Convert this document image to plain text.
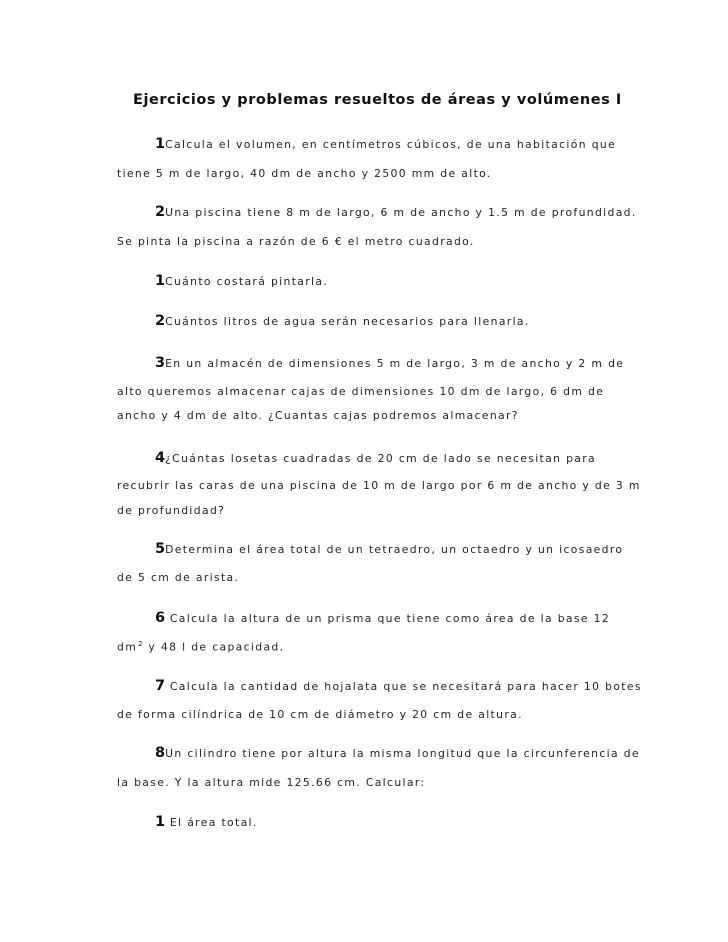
Ejercicios y problemas resueltos de áreas y volúmenes I
1Calcula el volumen, en centímetros cúbicos, de una habitación que
tiene 5 m de largo, 40 dm de ancho y 2500 mm de alto.
2Una piscina tiene 8 m de largo, 6 m de ancho y 1.5 m de profundidad.
Se pinta la piscina a razón de 6 € el metro cuadrado.
1Cuánto costará pintarla.
2Cuántos litros de agua serán necesarios para llenarla.
3En un almacén de dimensiones 5 m de largo, 3 m de ancho y 2 m de
alto queremos almacenar cajas de dimensiones 10 dm de largo, 6 dm de
ancho y 4 dm de alto. ¿Cuantas cajas podremos almacenar?
4¿Cuántas losetas cuadradas de 20 cm de lado se necesitan para
recubrir las caras de una piscina de 10 m de largo por 6 m de ancho y de 3 m
de profundidad?
5Determina el área total de un tetraedro, un octaedro y un icosaedro
de 5 cm de arista.
6 Calcula la altura de un prisma que tiene como área de la base 12
$dm^2$ y 48 l de capacidad.
7 Calcula la cantidad de hojalata que se necesitará para hacer 10 botes
de forma cilíndrica de 10 cm de diámetro y 20 cm de altura.
8Un cilindro tiene por altura la misma longitud que la circunferencia de
la base. Y la altura mide 125.66 cm. Calcular:
1 El área total.
